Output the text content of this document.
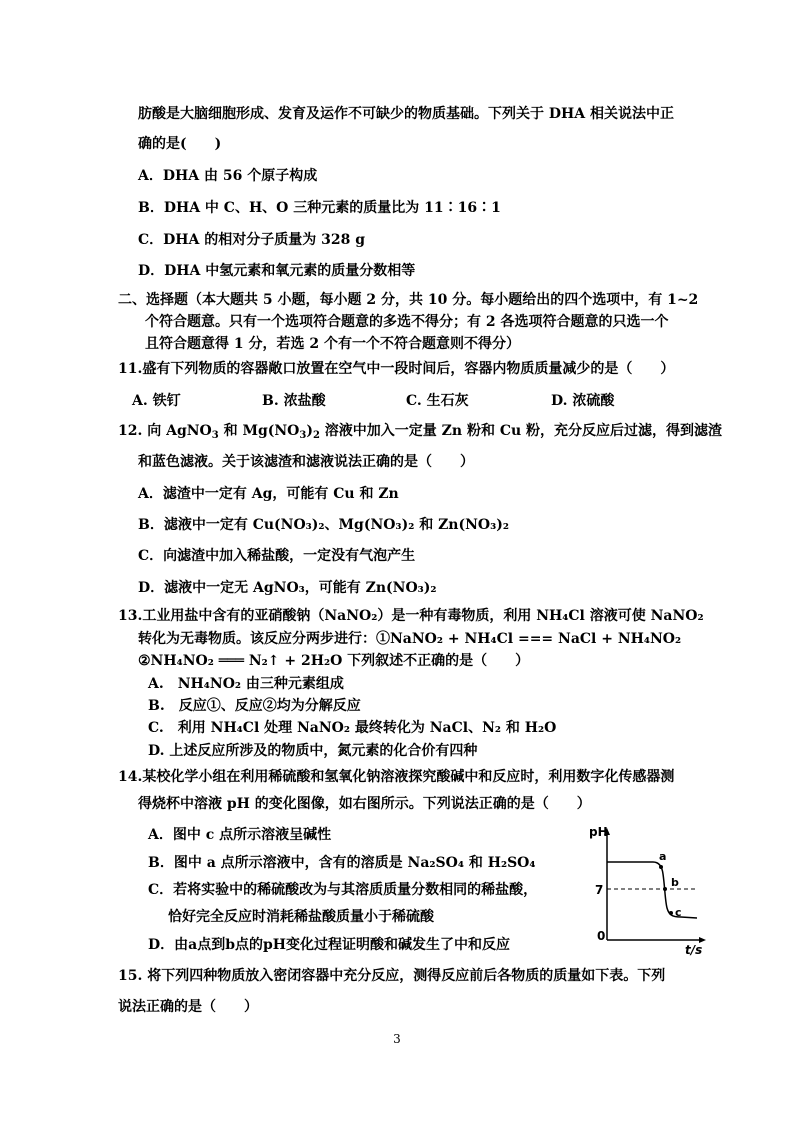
肪酸是大脑细胞形成、发育及运作不可缺少的物质基础。下列关于 DHA 相关说法中正
确的是(　　)
A．DHA 由 56 个原子构成
B．DHA 中 C、H、O 三种元素的质量比为 11∶16∶1
C．DHA 的相对分子质量为 328 g
D．DHA 中氢元素和氧元素的质量分数相等
二、选择题（本大题共 5 小题，每小题 2 分，共 10 分。每小题给出的四个选项中，有 1~2
个符合题意。只有一个选项符合题意的多选不得分；有 2 各选项符合题意的只选一个
且符合题意得 1 分，若选 2 个有一个不符合题意则不得分）
11.盛有下列物质的容器敞口放置在空气中一段时间后，容器内物质质量减少的是（　　）
A. 铁钉	B. 浓盐酸	C. 生石灰	D. 浓硫酸
12. 向 AgNO$_3$ 和 $Mg(NO_3)_2$ 溶液中加入一定量 Zn 粉和 Cu 粉，充分反应后过滤，得到滤渣
和蓝色滤液。关于该滤渣和滤液说法正确的是（　　）
A．滤渣中一定有 Ag，可能有 Cu 和 Zn
B．滤液中一定有 Cu(NO₃)₂、Mg(NO₃)₂ 和 Zn(NO₃)₂
C．向滤渣中加入稀盐酸，一定没有气泡产生
D．滤液中一定无 AgNO₃，可能有 Zn(NO₃)₂
13.工业用盐中含有的亚硝酸钠（NaNO₂）是一种有毒物质，利用 NH₄Cl 溶液可使 NaNO₂
转化为无毒物质。该反应分两步进行：①NaNO₂ + NH₄Cl === NaCl + NH₄NO₂
②NH₄NO₂ ═══ N₂↑ + 2H₂O 下列叙述不正确的是（　　）
A.　NH₄NO₂ 由三种元素组成
B.　反应①、反应②均为分解反应
C.　利用 NH₄Cl 处理 NaNO₂ 最终转化为 NaCl、N₂ 和 H₂O
D. 上述反应所涉及的物质中，氮元素的化合价有四种
14.某校化学小组在利用稀硫酸和氢氧化钠溶液探究酸碱中和反应时，利用数字化传感器测
得烧杯中溶液 pH 的变化图像，如右图所示。下列说法正确的是（　　）
A．图中 c 点所示溶液呈碱性
B．图中 a 点所示溶液中，含有的溶质是 Na₂SO₄ 和 H₂SO₄
C．若将实验中的稀硫酸改为与其溶质质量分数相同的稀盐酸，
恰好完全反应时消耗稀盐酸质量小于稀硫酸
D．由a点到b点的pH变化过程证明酸和碱发生了中和反应
pH
t/s
0
7
a
b
c
15. 将下列四种物质放入密闭容器中充分反应，测得反应前后各物质的质量如下表。下列
说法正确的是（　　）
3
